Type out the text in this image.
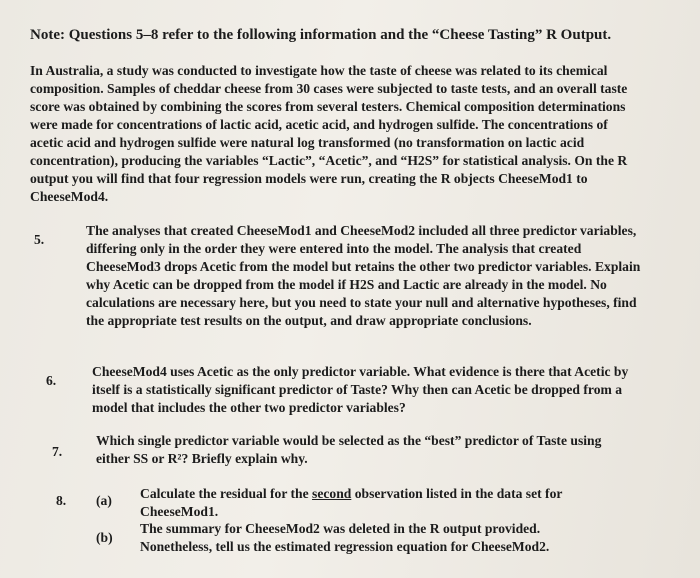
Note: Questions 5–8 refer to the following information and the “Cheese Tasting” R Output.
In Australia, a study was conducted to investigate how the taste of cheese was related to its chemical composition. Samples of cheddar cheese from 30 cases were subjected to taste tests, and an overall taste score was obtained by combining the scores from several testers. Chemical composition determinations were made for concentrations of lactic acid, acetic acid, and hydrogen sulfide. The concentrations of acetic acid and hydrogen sulfide were natural log transformed (no transformation on lactic acid concentration), producing the variables “Lactic”, “Acetic”, and “H2S” for statistical analysis. On the R output you will find that four regression models were run, creating the R objects CheeseMod1 to CheeseMod4.
5.
The analyses that created CheeseMod1 and CheeseMod2 included all three predictor variables, differing only in the order they were entered into the model. The analysis that created CheeseMod3 drops Acetic from the model but retains the other two predictor variables. Explain why Acetic can be dropped from the model if H2S and Lactic are already in the model. No calculations are necessary here, but you need to state your null and alternative hypotheses, find the appropriate test results on the output, and draw appropriate conclusions.
6.
CheeseMod4 uses Acetic as the only predictor variable. What evidence is there that Acetic by itself is a statistically significant predictor of Taste? Why then can Acetic be dropped from a model that includes the other two predictor variables?
7.
Which single predictor variable would be selected as the “best” predictor of Taste using either SS or R²? Briefly explain why.
8. (a) Calculate the residual for the second observation listed in the data set for CheeseMod1.
(b)
The summary for CheeseMod2 was deleted in the R output provided. Nonetheless, tell us the estimated regression equation for CheeseMod2.
